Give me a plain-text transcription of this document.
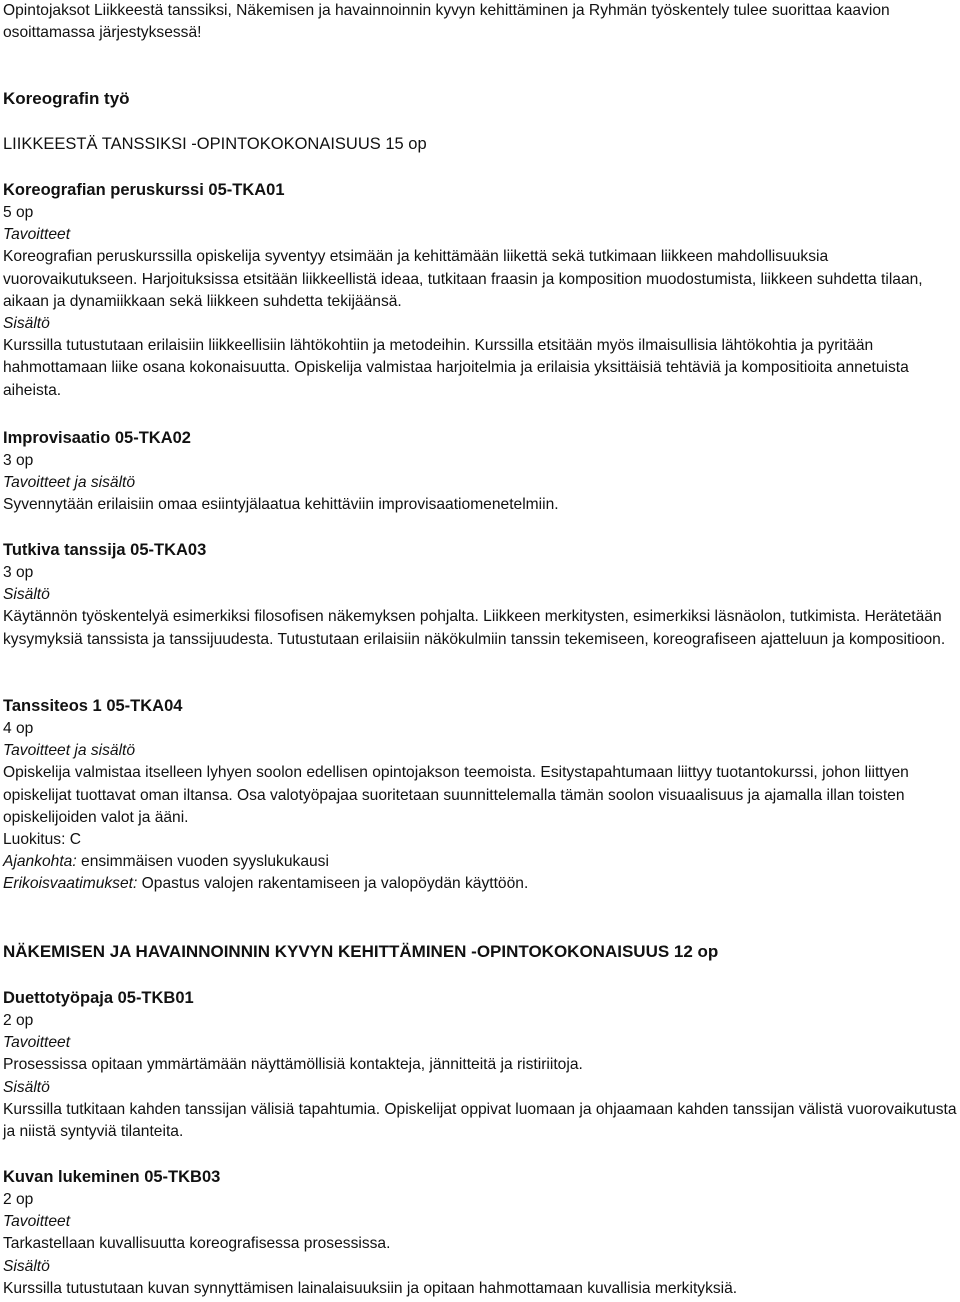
Opintojaksot Liikkeestä tanssiksi, Näkemisen ja havainnoinnin kyvyn kehittäminen ja Ryhmän työskentely tulee suorittaa kaavion osoittamassa järjestyksessä!

Koreografin työ
LIIKKEESTÄ TANSSIKSI -OPINTOKOKONAISUUS 15 op

Koreografian peruskurssi 05-TKA01

5 op

Tavoitteet

Koreografian peruskurssilla opiskelija syventyy etsimään ja kehittämään liikettä sekä tutkimaan liikkeen mahdollisuuksia vuorovaikutukseen. Harjoituksissa etsitään liikkeellistä ideaa, tutkitaan fraasin ja komposition muodostumista, liikkeen suhdetta tilaan, aikaan ja dynamiikkaan sekä liikkeen suhdetta tekijäänsä.

Sisältö

Kurssilla tutustutaan erilaisiin liikkeellisiin lähtökohtiin ja metodeihin. Kurssilla etsitään myös ilmaisullisia lähtökohtia ja pyritään hahmottamaan liike osana kokonaisuutta. Opiskelija valmistaa harjoitelmia ja erilaisia yksittäisiä tehtäviä ja kompositioita annetuista aiheista.

Improvisaatio 05-TKA02

3 op

Tavoitteet ja sisältö

Syvennytään erilaisiin omaa esiintyjälaatua kehittäviin improvisaatiomenetelmiin.

Tutkiva tanssija 05-TKA03

3 op

Sisältö

Käytännön työskentelyä esimerkiksi filosofisen näkemyksen pohjalta. Liikkeen merkitysten, esimerkiksi läsnäolon, tutkimista. Herätetään kysymyksiä tanssista ja tanssijuudesta. Tutustutaan erilaisiin näkökulmiin tanssin tekemiseen, koreografiseen ajatteluun ja kompositioon.

Tanssiteos 1 05-TKA04

4 op

Tavoitteet ja sisältö

Opiskelija valmistaa itselleen lyhyen soolon edellisen opintojakson teemoista. Esitystapahtumaan liittyy tuotantokurssi, johon liittyen opiskelijat tuottavat oman iltansa. Osa valotyöpajaa suoritetaan suunnittelemalla tämän soolon visuaalisuus ja ajamalla illan toisten opiskelijoiden valot ja ääni.

Luokitus: C

Ajankohta: ensimmäisen vuoden syyslukukausi

Erikoisvaatimukset: Opastus valojen rakentamiseen ja valopöydän käyttöön.

NÄKEMISEN JA HAVAINNOINNIN KYVYN KEHITTÄMINEN -OPINTOKOKONAISUUS 12 op

Duettotyöpaja 05-TKB01

2 op

Tavoitteet

Prosessissa opitaan ymmärtämään näyttämöllisiä kontakteja, jännitteitä ja ristiriitoja.

Sisältö

Kurssilla tutkitaan kahden tanssijan välisiä tapahtumia. Opiskelijat oppivat luomaan ja ohjaamaan kahden tanssijan välistä vuorovaikutusta ja niistä syntyviä tilanteita.

Kuvan lukeminen 05-TKB03

2 op

Tavoitteet

Tarkastellaan kuvallisuutta koreografisessa prosessissa.

Sisältö

Kurssilla tutustutaan kuvan synnyttämisen lainalaisuuksiin ja opitaan hahmottamaan kuvallisia merkityksiä.
